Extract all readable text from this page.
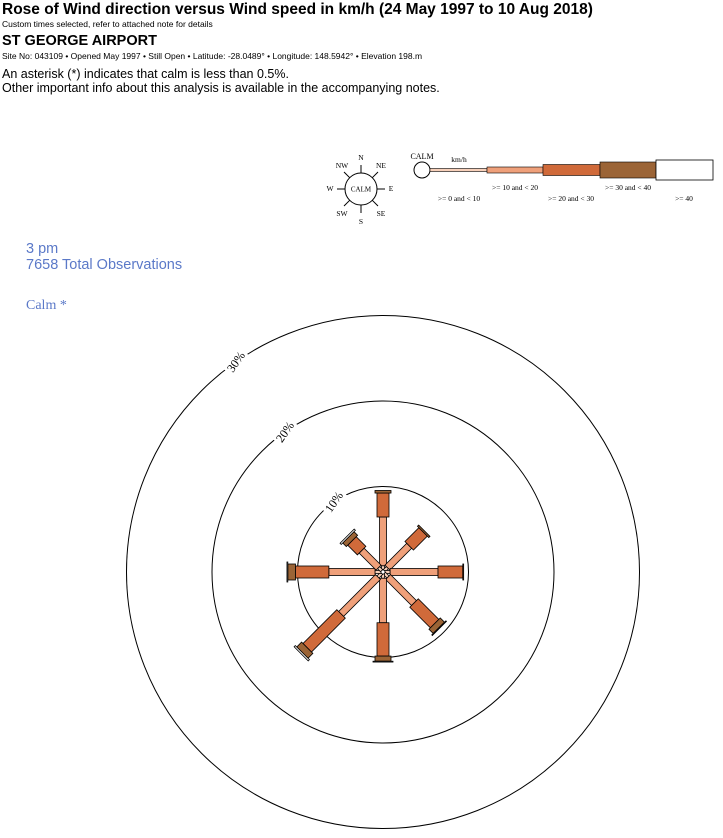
Rose of Wind direction versus Wind speed in km/h (24 May 1997 to 10 Aug 2018)
Custom times selected, refer to attached note for details
ST GEORGE AIRPORT
Site No: 043109 • Opened May 1997 • Still Open • Latitude: -28.0489° • Longitude: 148.5942° • Elevation 198.m
An asterisk (*) indicates that calm is less than 0.5%.
Other important info about this analysis is available in the accompanying notes.
3 pm
7658 Total Observations
Calm *
N
NE
E
SE
S
SW
W
NW
CALM
CALM km/h
>= 0 and < 10
>= 10 and < 20
>= 20 and < 30
>= 30 and < 40
>= 40
10%
20%
30%
